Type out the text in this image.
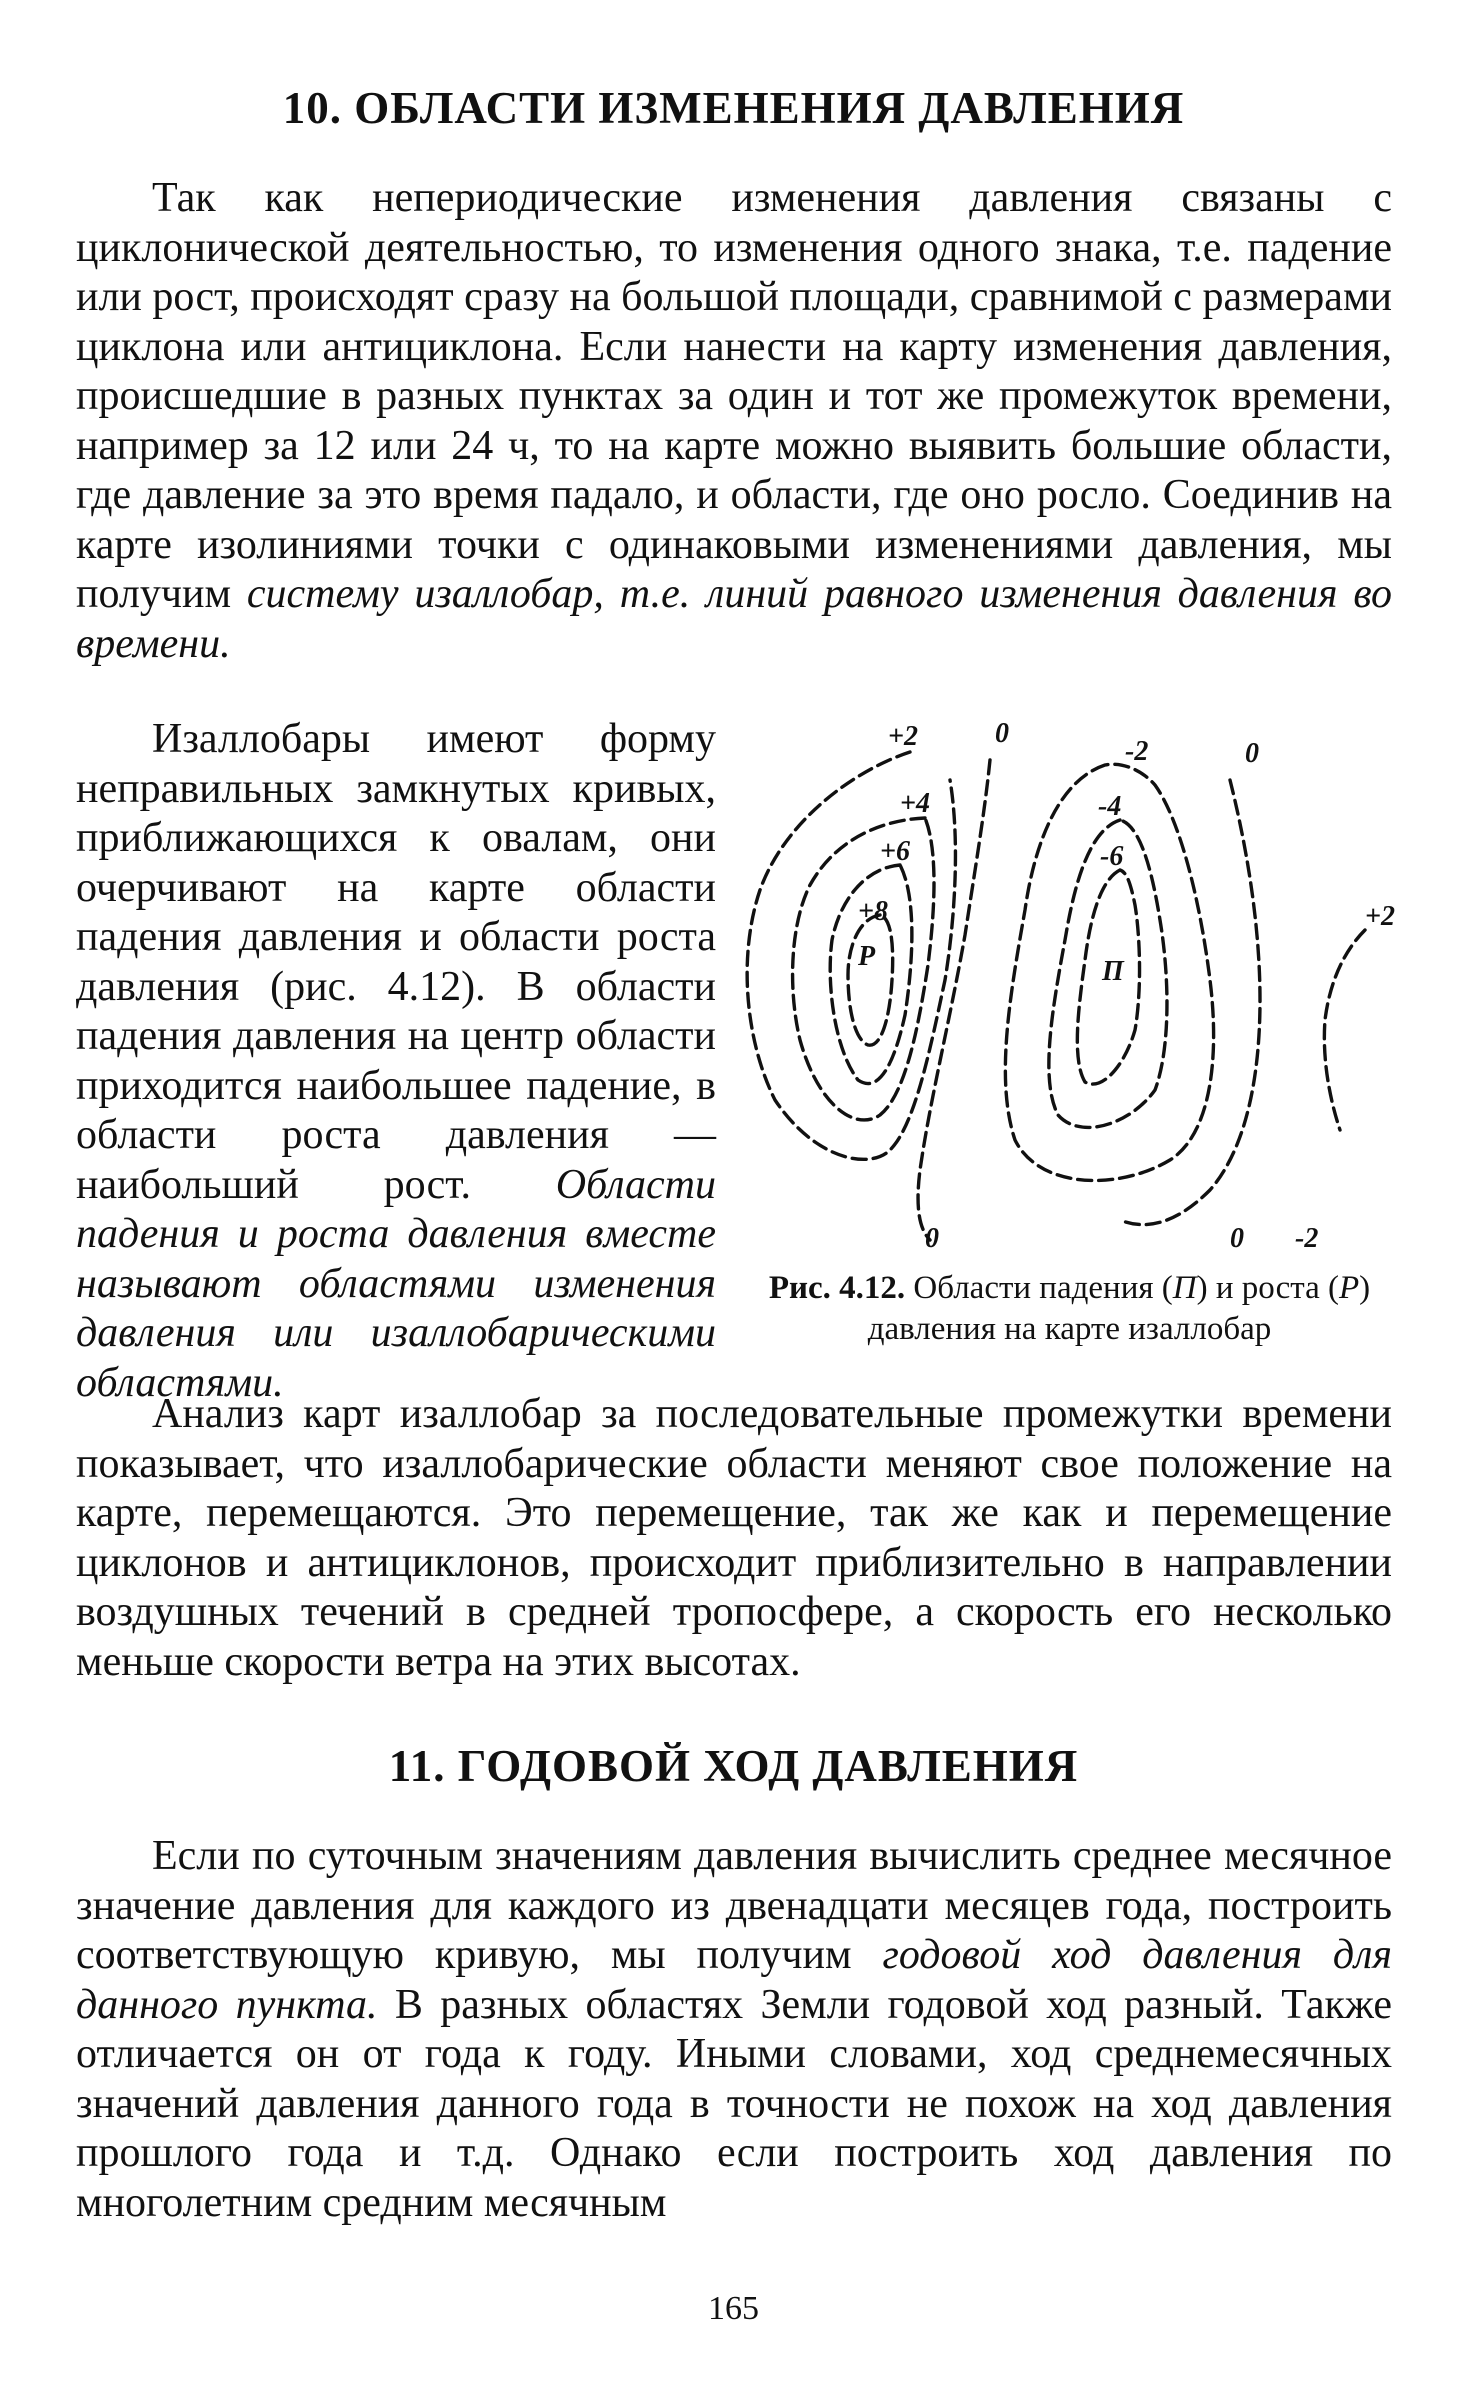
10. ОБЛАСТИ ИЗМЕНЕНИЯ ДАВЛЕНИЯ

Так как непериодические изменения давления связаны с циклонической деятельностью, то изменения одного знака, т.е. падение или рост, происходят сразу на большой площади, сравнимой с размерами циклона или антициклона. Если нанести на карту изменения давления, происшедшие в разных пунктах за один и тот же промежуток времени, например за 12 или 24 ч, то на карте можно выявить большие области, где давление за это время падало, и области, где оно росло. Соединив на карте изолиниями точки с одинаковыми изменениями давления, мы получим систему изаллобар, т.е. линий равного изменения давления во времени.

Изаллобары имеют форму неправильных замкнутых кривых, приближающихся к овалам, они очерчивают на карте области падения давления и области роста давления (рис. 4.12). В области падения давления на центр области приходится наибольшее падение, в области роста давления — наибольший рост. Области падения и роста давления вместе называют областями изменения давления или изаллобарическими областями.

+2	0
-2	0
+4	-4
+6	-6
+8
Р	П
+2
0	0 -2

Рис. 4.12. Области падения (П) и роста (Р) давления на карте изаллобар

Анализ карт изаллобар за последовательные промежутки времени показывает, что изаллобарические области меняют свое положение на карте, перемещаются. Это перемещение, так же как и перемещение циклонов и антициклонов, происходит приблизительно в направлении воздушных течений в средней тропосфере, а скорость его несколько меньше скорости ветра на этих высотах.

11. ГОДОВОЙ ХОД ДАВЛЕНИЯ

Если по суточным значениям давления вычислить среднее месячное значение давления для каждого из двенадцати месяцев года, построить соответствующую кривую, мы получим годовой ход давления для данного пункта. В разных областях Земли годовой ход разный. Также отличается он от года к году. Иными словами, ход среднемесячных значений давления данного года в точности не похож на ход давления прошлого года и т.д. Однако если построить ход давления по многолетним средним месячным

165
